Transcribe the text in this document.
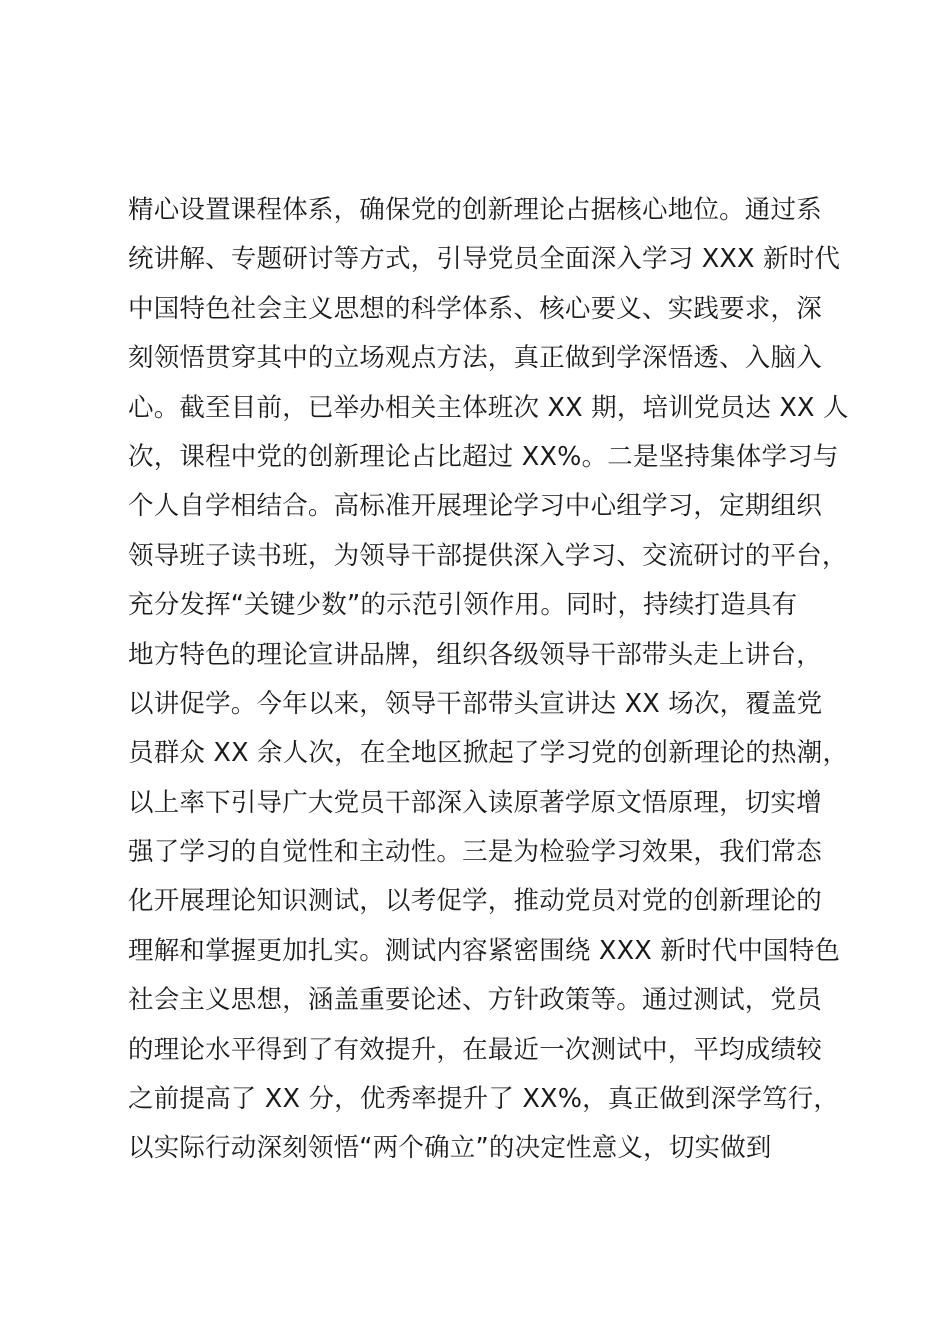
精心设置课程体系，确保党的创新理论占据核心地位。通过系
统讲解、专题研讨等方式，引导党员全面深入学习 XXX 新时代
中国特色社会主义思想的科学体系、核心要义、实践要求，深
刻领悟贯穿其中的立场观点方法，真正做到学深悟透、入脑入
心。截至目前，已举办相关主体班次 XX 期，培训党员达 XX 人
次，课程中党的创新理论占比超过 XX%。二是坚持集体学习与
个人自学相结合。高标准开展理论学习中心组学习，定期组织
领导班子读书班，为领导干部提供深入学习、交流研讨的平台，
充分发挥“关键少数”的示范引领作用。同时，持续打造具有
地方特色的理论宣讲品牌，组织各级领导干部带头走上讲台，
以讲促学。今年以来，领导干部带头宣讲达 XX 场次，覆盖党
员群众 XX 余人次，在全地区掀起了学习党的创新理论的热潮，
以上率下引导广大党员干部深入读原著学原文悟原理，切实增
强了学习的自觉性和主动性。三是为检验学习效果，我们常态
化开展理论知识测试，以考促学，推动党员对党的创新理论的
理解和掌握更加扎实。测试内容紧密围绕 XXX 新时代中国特色
社会主义思想，涵盖重要论述、方针政策等。通过测试，党员
的理论水平得到了有效提升，在最近一次测试中，平均成绩较
之前提高了 XX 分，优秀率提升了 XX%，真正做到深学笃行，
以实际行动深刻领悟“两个确立”的决定性意义，切实做到
